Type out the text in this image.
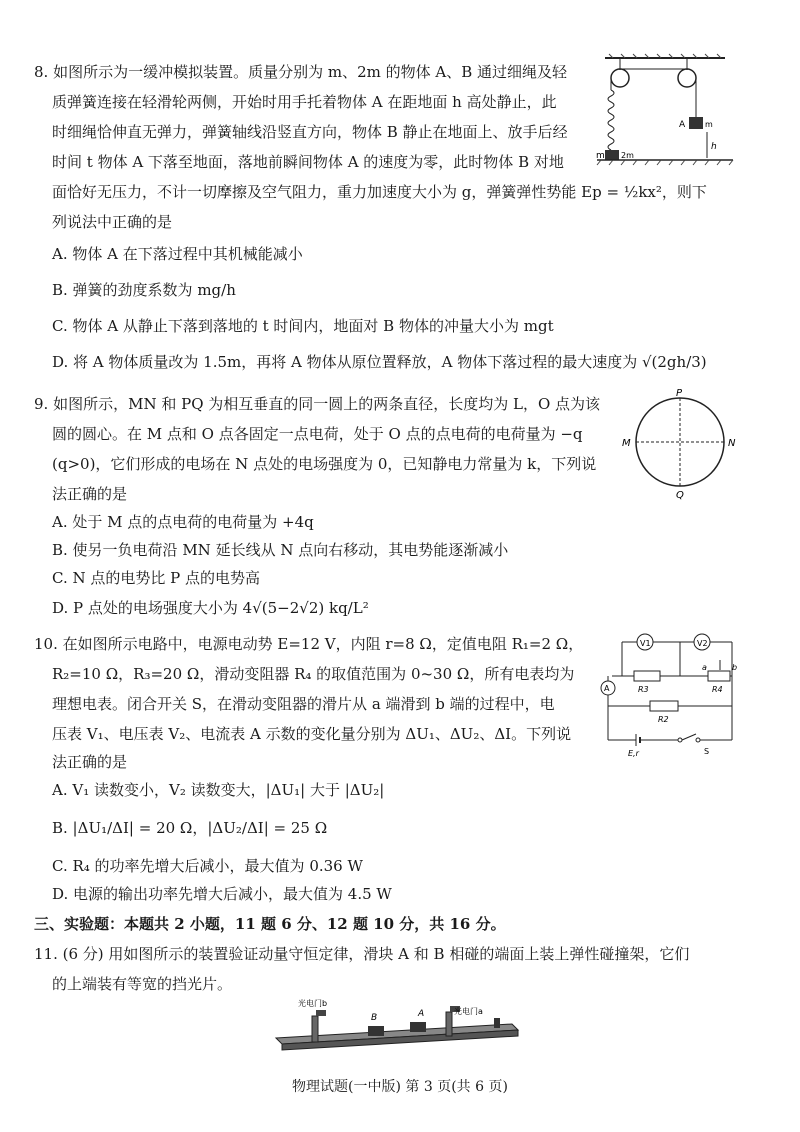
8. 如图所示为一缓冲模拟装置。质量分别为 m、2m 的物体 A、B 通过细绳及轻
质弹簧连接在轻滑轮两侧，开始时用手托着物体 A 在距地面 h 高处静止，此
时细绳恰伸直无弹力，弹簧轴线沿竖直方向，物体 B 静止在地面上、放手后经
时间 t 物体 A 下落至地面，落地前瞬间物体 A 的速度为零，此时物体 B 对地
面恰好无压力，不计一切摩擦及空气阻力，重力加速度大小为 g，弹簧弹性势能 Ep = ½kx²，则下
列说法中正确的是
A. 物体 A 在下落过程中其机械能减小
B. 弹簧的劲度系数为 mg/h
C. 物体 A 从静止下落到落地的 t 时间内，地面对 B 物体的冲量大小为 mgt
D. 将 A 物体质量改为 1.5m，再将 A 物体从原位置释放，A 物体下落过程的最大速度为 √(2gh/3)
m 2m
A m
h
9. 如图所示，MN 和 PQ 为相互垂直的同一圆上的两条直径，长度均为 L，O 点为该
圆的圆心。在 M 点和 O 点各固定一点电荷，处于 O 点的点电荷的电荷量为 −q
(q>0)，它们形成的电场在 N 点处的电场强度为 0，已知静电力常量为 k，下列说
法正确的是
A. 处于 M 点的点电荷的电荷量为 +4q
B. 使另一负电荷沿 MN 延长线从 N 点向右移动，其电势能逐渐减小
C. N 点的电势比 P 点的电势高
D. P 点处的电场强度大小为 4√(5−2√2) kq/L²
P
M	N
Q
10. 在如图所示电路中，电源电动势 E=12 V，内阻 r=8 Ω，定值电阻 R₁=2 Ω，
R₂=10 Ω，R₃=20 Ω，滑动变阻器 R₄ 的取值范围为 0~30 Ω，所有电表均为
理想电表。闭合开关 S，在滑动变阻器的滑片从 a 端滑到 b 端的过程中，电
压表 V₁、电压表 V₂、电流表 A 示数的变化量分别为 ΔU₁、ΔU₂、ΔI。下列说
法正确的是
A. V₁ 读数变小，V₂ 读数变大，|ΔU₁| 大于 |ΔU₂|
B. |ΔU₁/ΔI| = 20 Ω，|ΔU₂/ΔI| = 25 Ω
C. R₄ 的功率先增大后减小，最大值为 0.36 W
D. 电源的输出功率先增大后减小，最大值为 4.5 W
V1	V2
R3
a	b
R4
A
R2
E,r	S
三、实验题：本题共 2 小题，11 题 6 分、12 题 10 分，共 16 分。
11. (6 分) 用如图所示的装置验证动量守恒定律，滑块 A 和 B 相碰的端面上装上弹性碰撞架，它们
的上端装有等宽的挡光片。
光电门b
B	A	光电门a
物理试题(一中版) 第 3 页(共 6 页)
